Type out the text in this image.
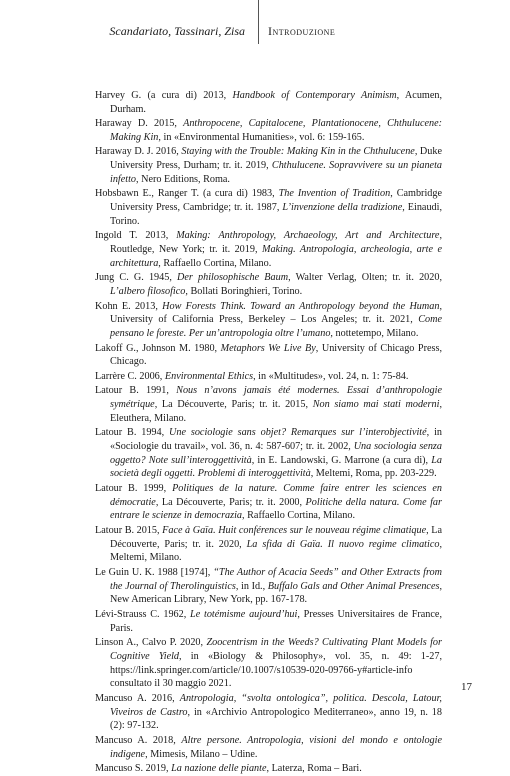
Scandariato, Tassinari, Zisa Introduzione
Harvey G. (a cura di) 2013, Handbook of Contemporary Animism, Acumen, Durham.
Haraway D. 2015, Anthropocene, Capitalocene, Plantationocene, Chthulucene: Making Kin, in «Environmental Humanities», vol. 6: 159-165.
Haraway D. J. 2016, Staying with the Trouble: Making Kin in the Chthulucene, Duke University Press, Durham; tr. it. 2019, Chthulucene. Sopravvivere su un pianeta infetto, Nero Editions, Roma.
Hobsbawn E., Ranger T. (a cura di) 1983, The Invention of Tradition, Cambridge University Press, Cambridge; tr. it. 1987, L’invenzione della tradizione, Einaudi, Torino.
Ingold T. 2013, Making: Anthropology, Archaeology, Art and Architecture, Routledge, New York; tr. it. 2019, Making. Antropologia, archeologia, arte e architettura, Raffaello Cortina, Milano.
Jung C. G. 1945, Der philosophische Baum, Walter Verlag, Olten; tr. it. 2020, L’albero filosofico, Bollati Boringhieri, Torino.
Kohn E. 2013, How Forests Think. Toward an Anthropology beyond the Human, University of California Press, Berkeley – Los Angeles; tr. it. 2021, Come pensano le foreste. Per un’antropologia oltre l’umano, nottetempo, Milano.
Lakoff G., Johnson M. 1980, Metaphors We Live By, University of Chicago Press, Chicago.
Larrère C. 2006, Environmental Ethics, in «Multitudes», vol. 24, n. 1: 75-84.
Latour B. 1991, Nous n’avons jamais été modernes. Essai d’anthropologie symétrique, La Découverte, Paris; tr. it. 2015, Non siamo mai stati moderni, Eleuthera, Milano.
Latour B. 1994, Une sociologie sans objet? Remarques sur l’interobjectivité, in «Sociologie du travail», vol. 36, n. 4: 587-607; tr. it. 2002, Una sociologia senza oggetto? Note sull’interoggettività, in E. Landowski, G. Marrone (a cura di), La società degli oggetti. Problemi di interoggettività, Meltemi, Roma, pp. 203-229.
Latour B. 1999, Politiques de la nature. Comme faire entrer les sciences en démocratie, La Découverte, Paris; tr. it. 2000, Politiche della natura. Come far entrare le scienze in democrazia, Raffaello Cortina, Milano.
Latour B. 2015, Face à Gaïa. Huit conférences sur le nouveau régime climatique, La Découverte, Paris; tr. it. 2020, La sfida di Gaïa. Il nuovo regime climatico, Meltemi, Milano.
Le Guin U. K. 1988 [1974], “The Author of Acacia Seeds” and Other Extracts from the Journal of Therolinguistics, in Id., Buffalo Gals and Other Animal Presences, New American Library, New York, pp. 167-178.
Lévi-Strauss C. 1962, Le totémisme aujourd’hui, Presses Universitaires de France, Paris.
Linson A., Calvo P. 2020, Zoocentrism in the Weeds? Cultivating Plant Models for Cognitive Yield, in «Biology & Philosophy», vol. 35, n. 49: 1-27, https://link.springer.com/article/10.1007/s10539-020-09766-y#article-info consultato il 30 maggio 2021.
Mancuso A. 2016, Antropologia, “svolta ontologica”, politica. Descola, Latour, Viveiros de Castro, in «Archivio Antropologico Mediterraneo», anno 19, n. 18 (2): 97-132.
Mancuso A. 2018, Altre persone. Antropologia, visioni del mondo e ontologie indigene, Mimesis, Milano – Udine.
Mancuso S. 2019, La nazione delle piante, Laterza, Roma – Bari.
17
